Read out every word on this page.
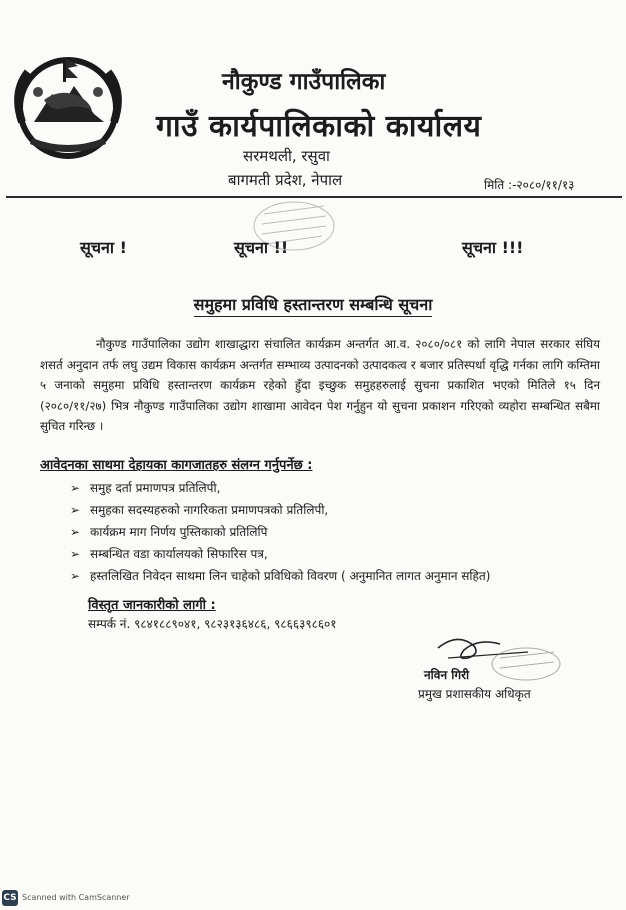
नौकुण्ड गाउँपालिका
गाउँ कार्यपालिकाको कार्यालय
सरमथली, रसुवा
बागमती प्रदेश, नेपाल	मिति :-२०८०/११/१३
सूचना !	सूचना !!	सूचना !!!
समुहमा प्रविधि हस्तान्तरण सम्बन्धि सूचना

नौकुण्ड गाउँपालिका उद्योग शाखाद्धारा संचालित कार्यक्रम अन्तर्गत आ.व. २०८०/०८१ को लागि नेपाल सरकार संघिय शसर्त अनुदान तर्फ लघु उद्यम विकास कार्यक्रम अन्तर्गत सम्भाव्य उत्पादनको उत्पादकत्व र बजार प्रतिस्पर्धा वृद्धि गर्नका लागि कम्तिमा ५ जनाको समुहमा प्रविधि हस्तान्तरण कार्यक्रम रहेको हुँदा इच्छुक समुहहरुलाई सुचना प्रकाशित भएको मितिले १५ दिन (२०८०/११/२७) भित्र नौकुण्ड गाउँपालिका उद्योग शाखामा आवेदन पेश गर्नुहुन यो सुचना प्रकाशन गरिएको व्यहोरा सम्बन्धित सबैमा सुचित गरिन्छ ।

आवेदनका साथमा देहायका कागजातहरु संलग्न गर्नुपर्नेछ :
➢ समुह दर्ता प्रमाणपत्र प्रतिलिपी,
➢ समुहका सदस्यहरुको नागरिकता प्रमाणपत्रको प्रतिलिपी,
➢ कार्यक्रम माग निर्णय पुस्तिकाको प्रतिलिपि
➢ सम्बन्धित वडा कार्यालयको सिफारिस पत्र,
➢ हस्तलिखित निवेदन साथमा लिन चाहेको प्रविधिको विवरण ( अनुमानित लागत अनुमान सहित)
विस्तृत जानकारीको लागी :
सम्पर्क नं. ९८४१८८९०४१, ९८२३१३६४८६, ९८६६३९८६०१
नविन गिरी
प्रमुख प्रशासकीय अधिकृत
CS Scanned with CamScanner
